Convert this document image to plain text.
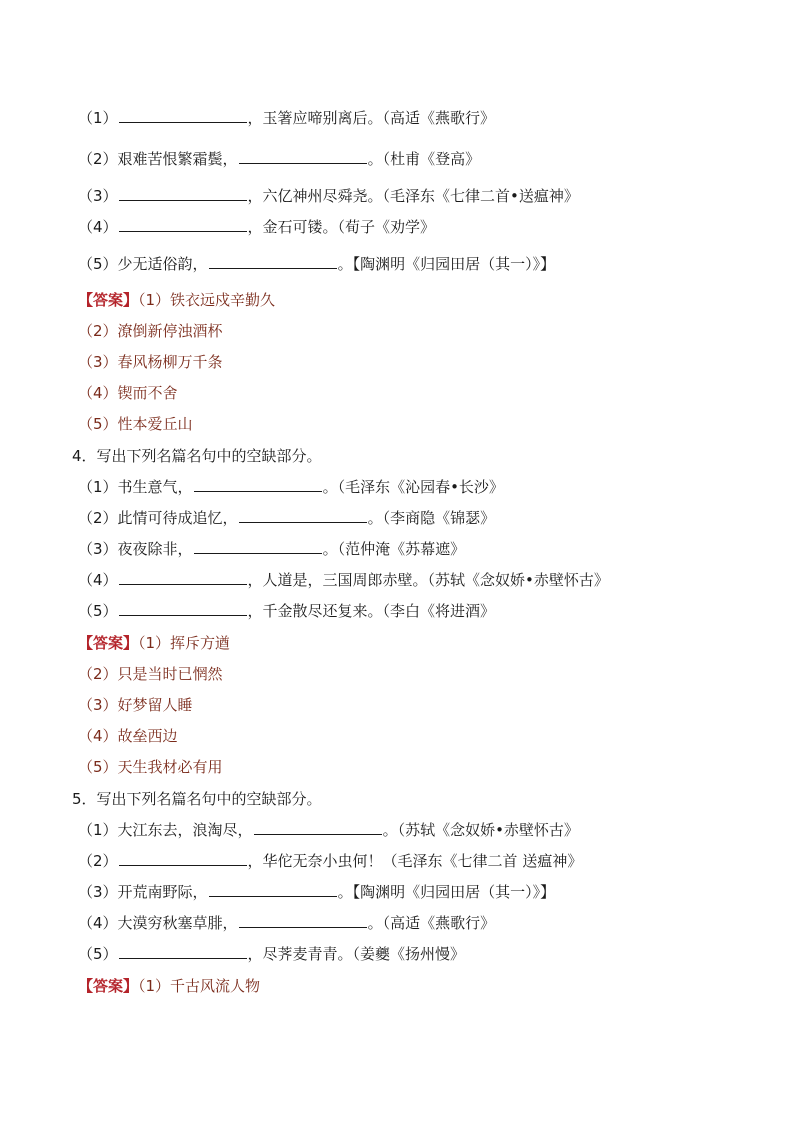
（1）	，玉箸应啼别离后。（高适《燕歌行》
（2）艰难苦恨繁霜鬓，	。（杜甫《登高》
（3）	，六亿神州尽舜尧。（毛泽东《七律二首•送瘟神》
（4）	，金石可镂。（荀子《劝学》
（5）少无适俗韵，	。【陶渊明《归园田居（其一）》】
【答案】（1）铁衣远戍辛勤久
（2）潦倒新停浊酒杯
（3）春风杨柳万千条
（4）锲而不舍
（5）性本爱丘山
4．写出下列名篇名句中的空缺部分。
（1）书生意气，	。（毛泽东《沁园春•长沙》
（2）此情可待成追忆，	。（李商隐《锦瑟》
（3）夜夜除非，	。（范仲淹《苏幕遮》
（4）	，人道是，三国周郎赤壁。（苏轼《念奴娇•赤壁怀古》
（5）	，千金散尽还复来。（李白《将进酒》
【答案】（1）挥斥方遒
（2）只是当时已惘然
（3）好梦留人睡
（4）故垒西边
（5）天生我材必有用
5．写出下列名篇名句中的空缺部分。
（1）大江东去，浪淘尽，	。（苏轼《念奴娇•赤壁怀古》
（2）	，华佗无奈小虫何！（毛泽东《七律二首 送瘟神》
（3）开荒南野际，	。【陶渊明《归园田居（其一）》】
（4）大漠穷秋塞草腓，	。（高适《燕歌行》
（5）	，尽荠麦青青。（姜夔《扬州慢》
【答案】（1）千古风流人物
